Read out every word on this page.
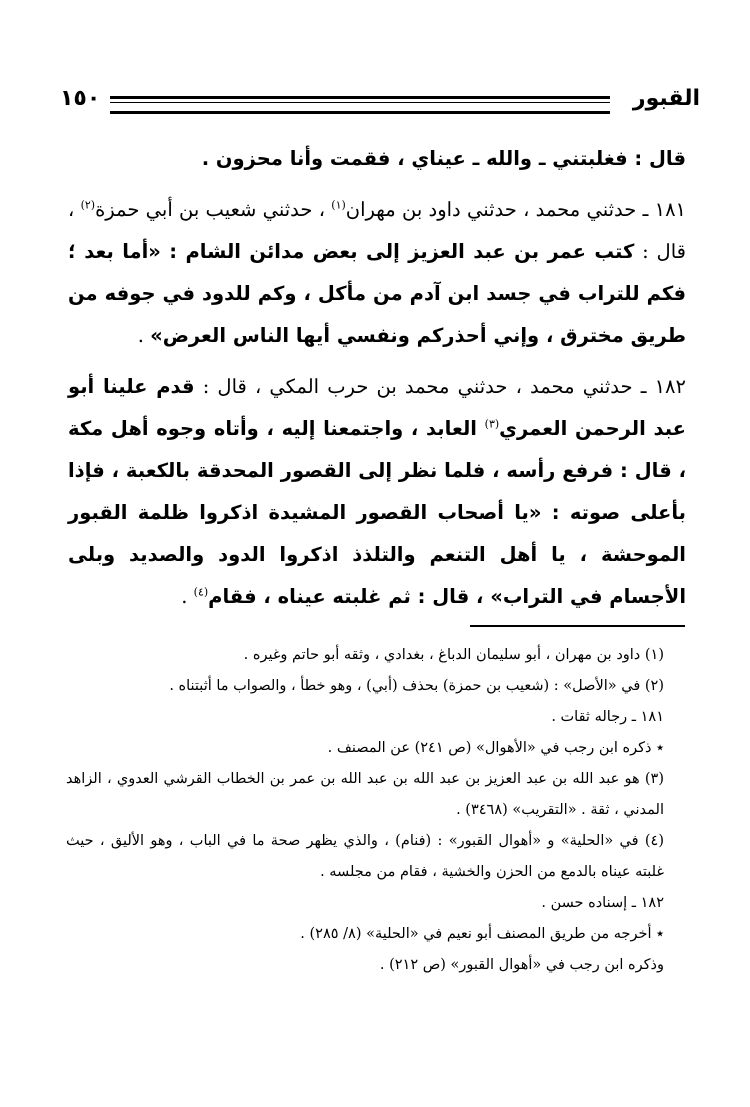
القبور
١٥٠

قال : فغلبتني ـ والله ـ عيناي ، فقمت وأنا محزون .

١٨١ ـ حدثني محمد ، حدثني داود بن مهران$^{(١)}$ ، حدثني شعيب بن أبي حمزة$^{(٢)}$ ، قال : كتب عمر بن عبد العزيز إلى بعض مدائن الشام : «أما بعد ؛ فكم للتراب في جسد ابن آدم من مأكل ، وكم للدود في جوفه من طريق مخترق ، وإني أحذركم ونفسي أيها الناس العرض» .

١٨٢ ـ حدثني محمد ، حدثني محمد بن حرب المكي ، قال : قدم علينا أبو عبد الرحمن العمري$^{(٣)}$ العابد ، واجتمعنا إليه ، وأتاه وجوه أهل مكة ، قال : فرفع رأسه ، فلما نظر إلى القصور المحدقة بالكعبة ، فإذا بأعلى صوته : «يا أصحاب القصور المشيدة اذكروا ظلمة القبور الموحشة ، يا أهل التنعم والتلذذ اذكروا الدود والصديد وبلى الأجسام في التراب» ، قال : ثم غلبته عيناه ، فقام$^{(٤)}$ .

(١) داود بن مهران ، أبو سليمان الدباغ ، بغدادي ، وثقه أبو حاتم وغيره .

(٢) في «الأصل» : (شعيب بن حمزة) بحذف (أبي) ، وهو خطأ ، والصواب ما أثبتناه .

١٨١ ـ رجاله ثقات .

٭ ذكره ابن رجب في «الأهوال» (ص ٢٤١) عن المصنف .

(٣) هو عبد الله بن عبد العزيز بن عبد الله بن عبد الله بن عمر بن الخطاب القرشي العدوي ، الزاهد المدني ، ثقة . «التقريب» (٣٤٦٨) .

(٤) في «الحلية» و «أهوال القبور» : (فنام) ، والذي يظهر صحة ما في الباب ، وهو الأليق ، حيث غلبته عيناه بالدمع من الحزن والخشية ، فقام من مجلسه .

١٨٢ ـ إسناده حسن .

٭ أخرجه من طريق المصنف أبو نعيم في «الحلية» (٨/ ٢٨٥) .

وذكره ابن رجب في «أهوال القبور» (ص ٢١٢) .
